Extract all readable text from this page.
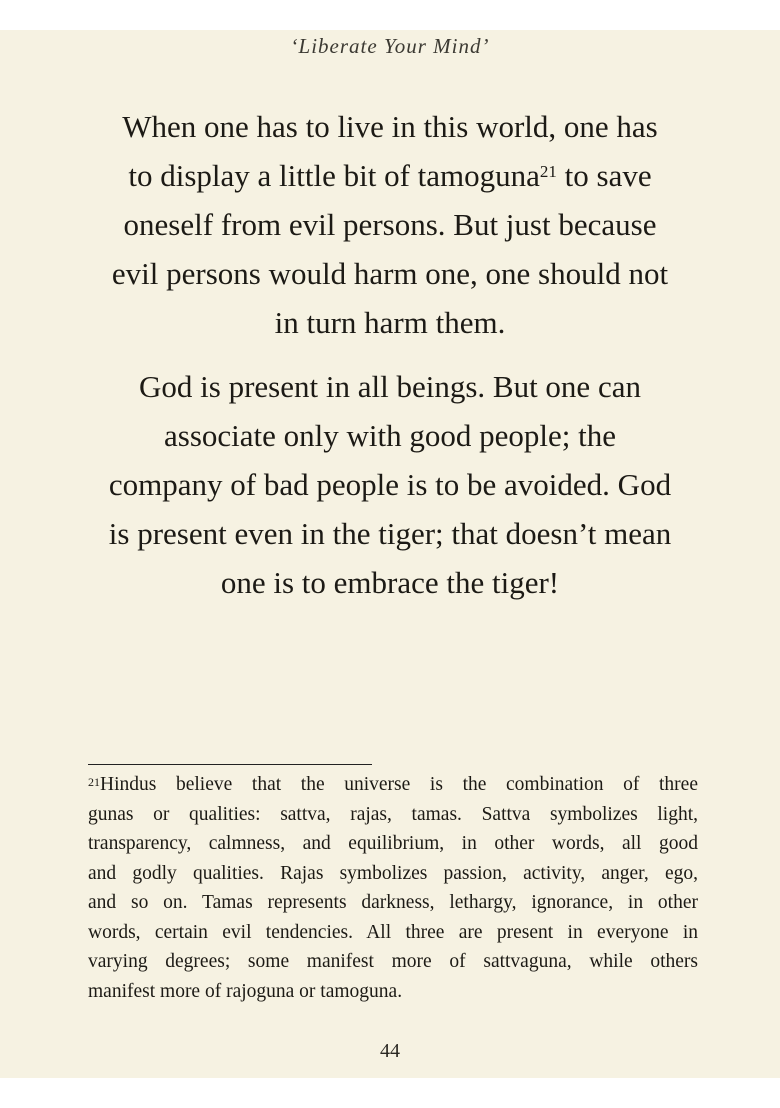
‘Liberate Your Mind’
When one has to live in this world, one has
to display a little bit of tamoguna$^{21}$ to save
oneself from evil persons. But just because
evil persons would harm one, one should not
in turn harm them.
God is present in all beings. But one can
associate only with good people; the
company of bad people is to be avoided. God
is present even in the tiger; that doesn’t mean
one is to embrace the tiger!
$^{21}$Hindus believe that the universe is the combination of three
gunas or qualities: sattva, rajas, tamas. Sattva symbolizes light,
transparency, calmness, and equilibrium, in other words, all good
and godly qualities. Rajas symbolizes passion, activity, anger, ego,
and so on. Tamas represents darkness, lethargy, ignorance, in other
words, certain evil tendencies. All three are present in everyone in
varying degrees; some manifest more of sattvaguna, while others
manifest more of rajoguna or tamoguna.
44
